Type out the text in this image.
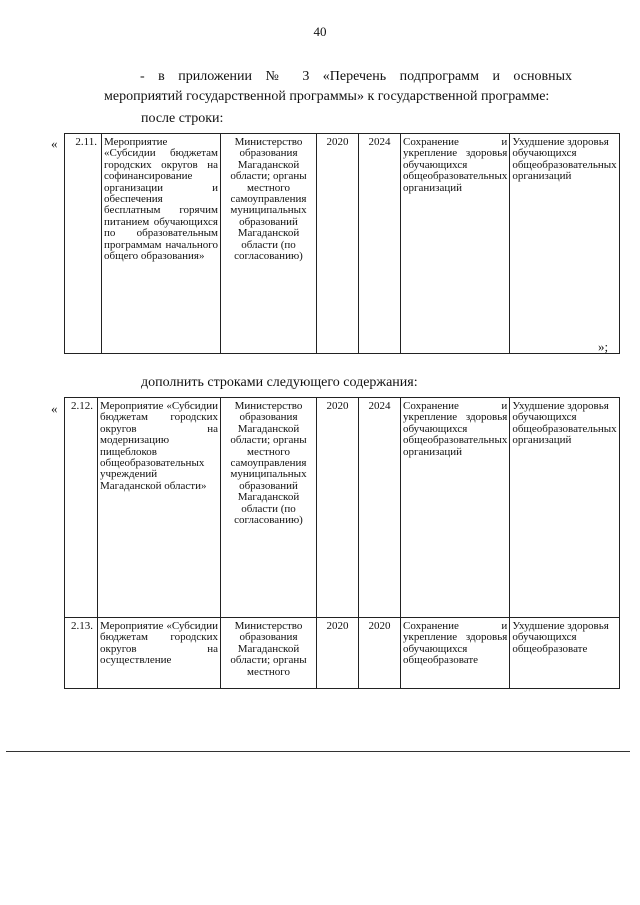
40

- в приложении № 3 «Перечень подпрограмм и основных

мероприятий государственной программы» к государственной программе:

после строки:

« 2.11.	Мероприятие «Субсидии бюджетам городских округов на софинансирование организации и обеспечения бесплатным горячим питанием обучающихся по образовательным программам начального общего образования»	Министерство образования Магаданской области; органы местного самоуправления муниципальных образований Магаданской области (по согласованию)	2020	2024	Сохранение и укрепление здоровья обучающихся общеобразовательных организаций	Ухудшение здоровья обучающихся общеобразовательных организаций
»;

дополнить строками следующего содержания:

« 2.12.	Мероприятие «Субсидии бюджетам городских округов на модернизацию пищеблоков общеобразовательных учреждений Магаданской области»	Министерство образования Магаданской области; органы местного самоуправления муниципальных образований Магаданской области (по согласованию)	2020	2024	Сохранение и укрепление здоровья обучающихся общеобразовательных организаций	Ухудшение здоровья обучающихся общеобразовательных организаций
2.13.	Мероприятие «Субсидии бюджетам городских округов на осуществление	Министерство образования Магаданской области; органы местного	2020	2020	Сохранение и укрепление здоровья обучающихся общеобразовате	Ухудшение здоровья обучающихся общеобразовате
